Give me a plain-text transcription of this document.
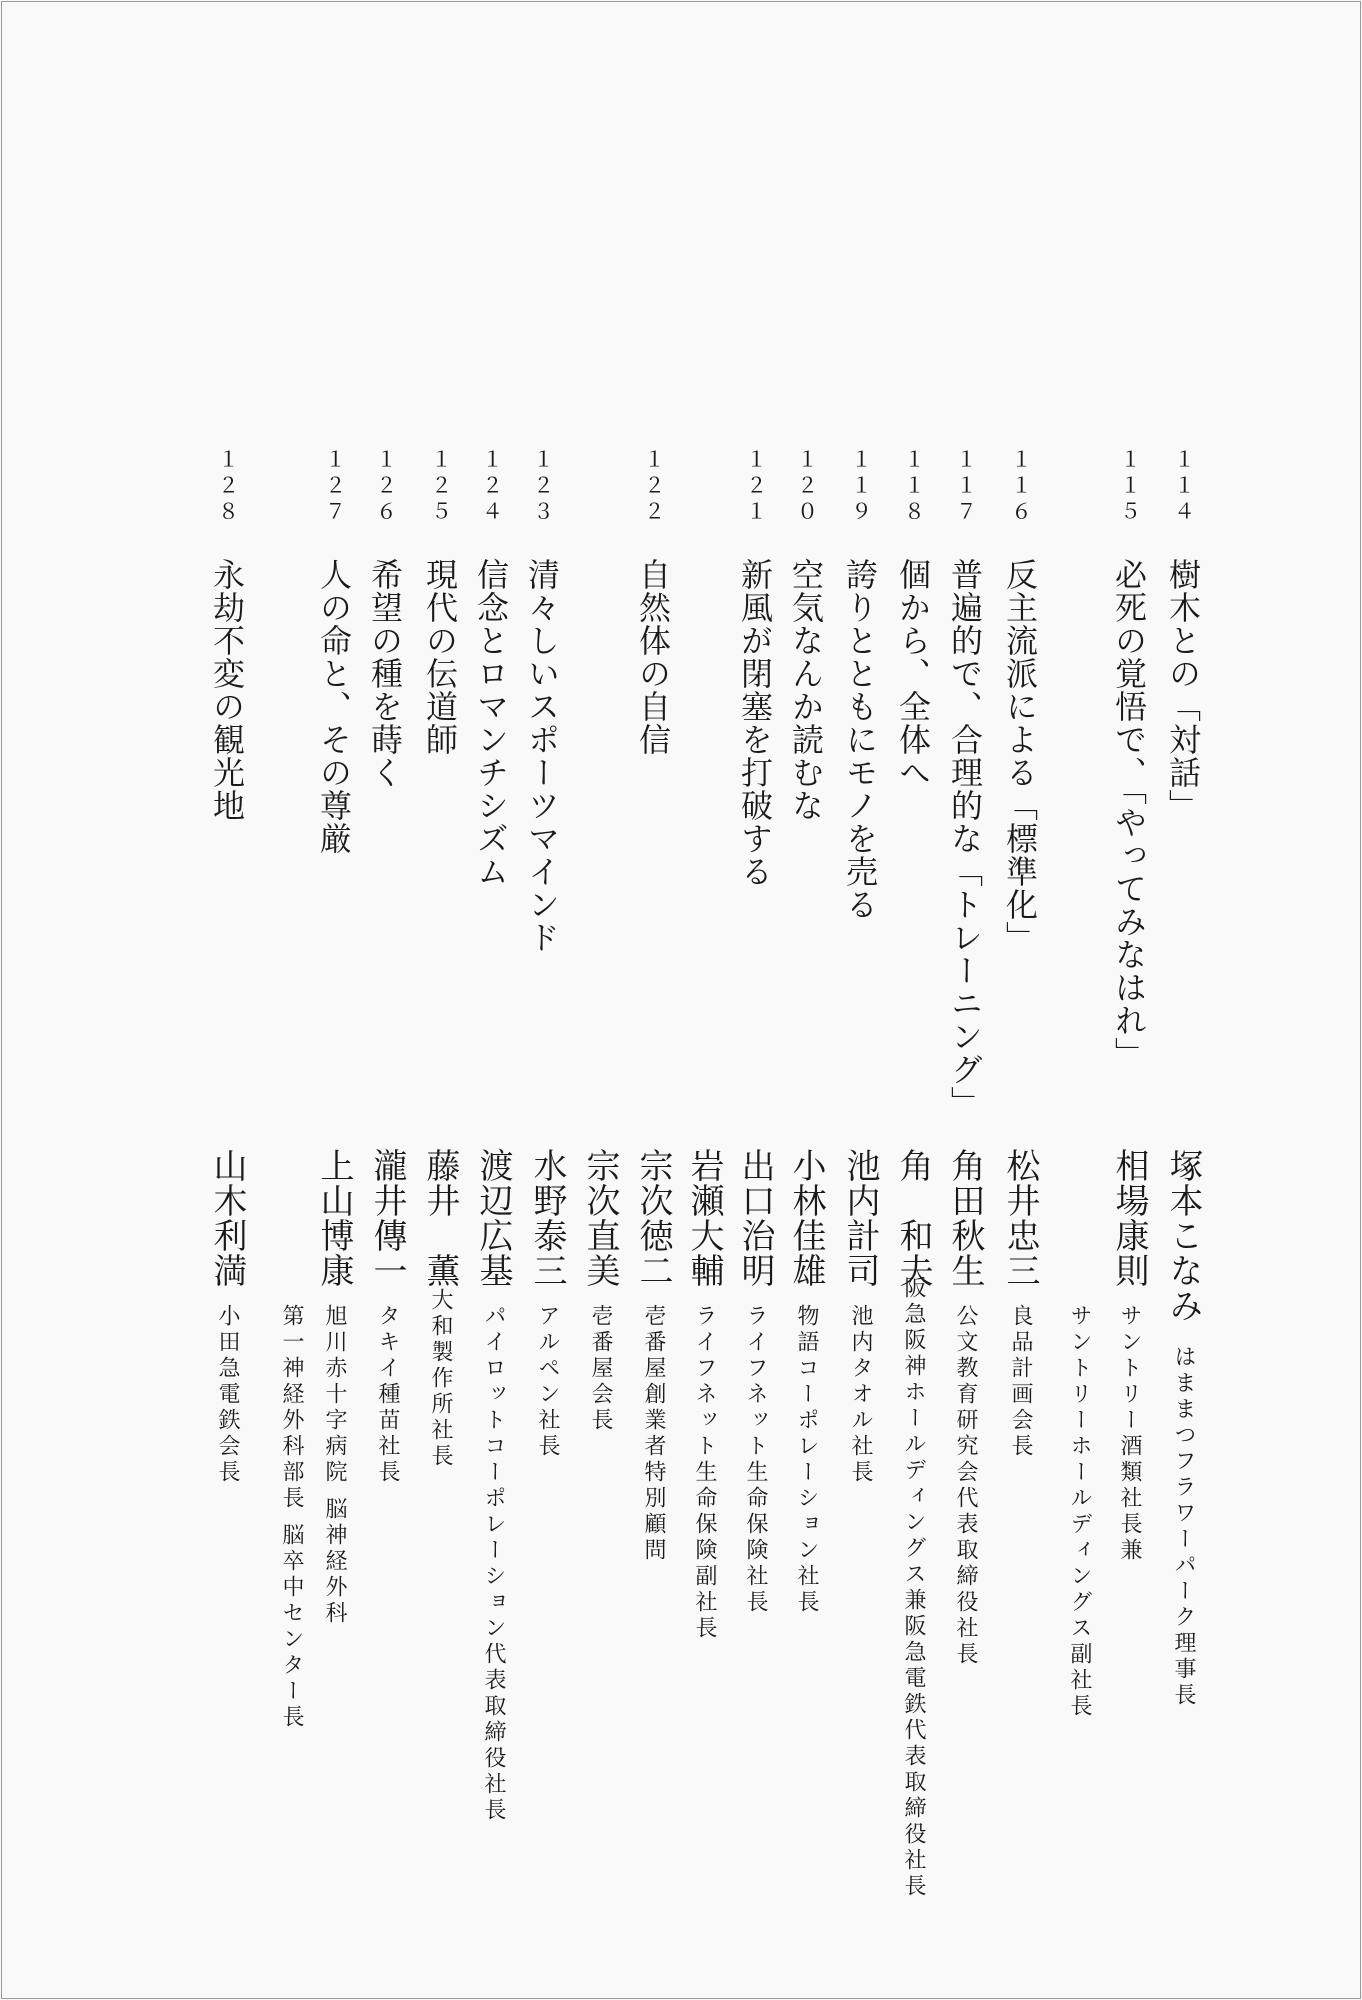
１１４
樹木との「対話」
１１５
必死の覚悟で、「やってみなはれ」
１１６
反主流派による「標準化」
１１７
普遍的で、合理的な「トレーニング」
１１８
個から、全体へ
１１９
誇りとともにモノを売る
１２０
空気なんか読むな
１２１
新風が閉塞を打破する
１２２
自然体の自信
１２３
清々しいスポーツマインド
１２４
信念とロマンチシズム
１２５
現代の伝道師
１２６
希望の種を蒔く
１２７
人の命と、その尊厳
１２８
永劫不変の観光地
塚本こなみ
はままつフラワーパーク理事長
相場康則
サントリー酒類社長兼
サントリーホールディングス副社長
松井忠三
良品計画会長
角田秋生
公文教育研究会代表取締役社長
角　和夫
阪急阪神ホールディングス兼阪急電鉄代表取締役社長
池内計司
池内タオル社長
小林佳雄
物語コーポレーション社長
出口治明
ライフネット生命保険社長
岩瀬大輔
ライフネット生命保険副社長
宗次徳二
壱番屋創業者特別顧問
宗次直美
壱番屋会長
水野泰三
アルペン社長
渡辺広基
パイロットコーポレーション代表取締役社長
藤井　薫
大和製作所社長
瀧井傳一
タキイ種苗社長
上山博康
旭川赤十字病院 脳神経外科
第一神経外科部長 脳卒中センター長
山木利満
小田急電鉄会長
